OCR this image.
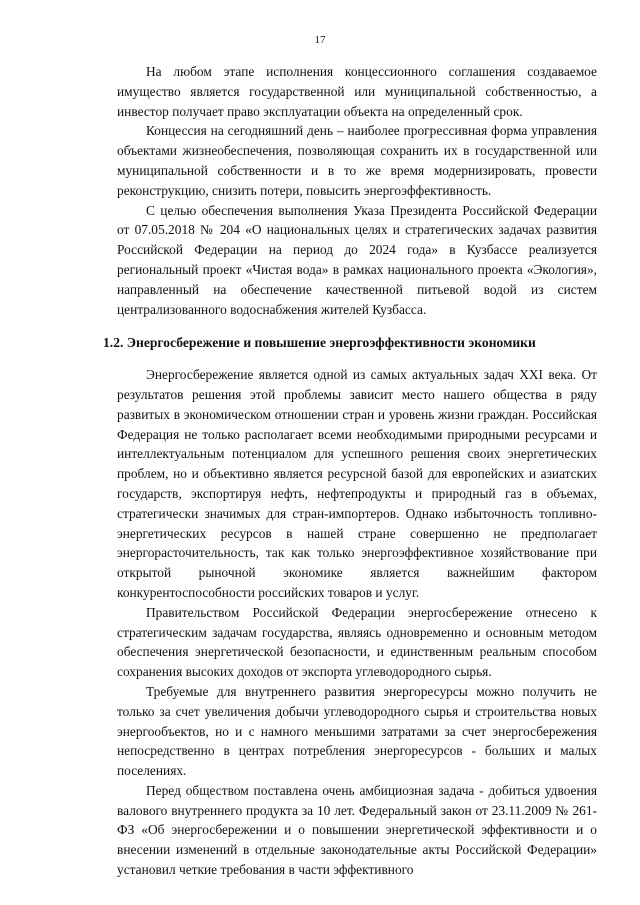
17

На любом этапе исполнения концессионного соглашения создаваемое имущество является государственной или муниципальной собственностью, а инвестор получает право эксплуатации объекта на определенный срок.

Концессия на сегодняшний день – наиболее прогрессивная форма управления объектами жизнеобеспечения, позволяющая сохранить их в государственной или муниципальной собственности и в то же время модернизировать, провести реконструкцию, снизить потери, повысить энергоэффективность.

С целью обеспечения выполнения Указа Президента Российской Федерации от 07.05.2018 № 204 «О национальных целях и стратегических задачах развития Российской Федерации на период до 2024 года» в Кузбассе реализуется региональный проект «Чистая вода» в рамках национального проекта «Экология», направленный на обеспечение качественной питьевой водой из систем централизованного водоснабжения жителей Кузбасса.

1.2. Энергосбережение и повышение энергоэффективности экономики

Энергосбережение является одной из самых актуальных задач XXI века. От результатов решения этой проблемы зависит место нашего общества в ряду развитых в экономическом отношении стран и уровень жизни граждан. Российская Федерация не только располагает всеми необходимыми природными ресурсами и интеллектуальным потенциалом для успешного решения своих энергетических проблем, но и объективно является ресурсной базой для европейских и азиатских государств, экспортируя нефть, нефтепродукты и природный газ в объемах, стратегически значимых для стран-импортеров. Однако избыточность топливно-энергетических ресурсов в нашей стране совершенно не предполагает энергорасточительность, так как только энергоэффективное хозяйствование при открытой рыночной экономике является важнейшим фактором конкурентоспособности российских товаров и услуг.

Правительством Российской Федерации энергосбережение отнесено к стратегическим задачам государства, являясь одновременно и основным методом обеспечения энергетической безопасности, и единственным реальным способом сохранения высоких доходов от экспорта углеводородного сырья.

Требуемые для внутреннего развития энергоресурсы можно получить не только за счет увеличения добычи углеводородного сырья и строительства новых энергообъектов, но и с намного меньшими затратами за счет энергосбережения непосредственно в центрах потребления энергоресурсов - больших и малых поселениях.

Перед обществом поставлена очень амбициозная задача - добиться удвоения валового внутреннего продукта за 10 лет. Федеральный закон от 23.11.2009 № 261-ФЗ «Об энергосбережении и о повышении энергетической эффективности и о внесении изменений в отдельные законодательные акты Российской Федерации» установил четкие требования в части эффективного
